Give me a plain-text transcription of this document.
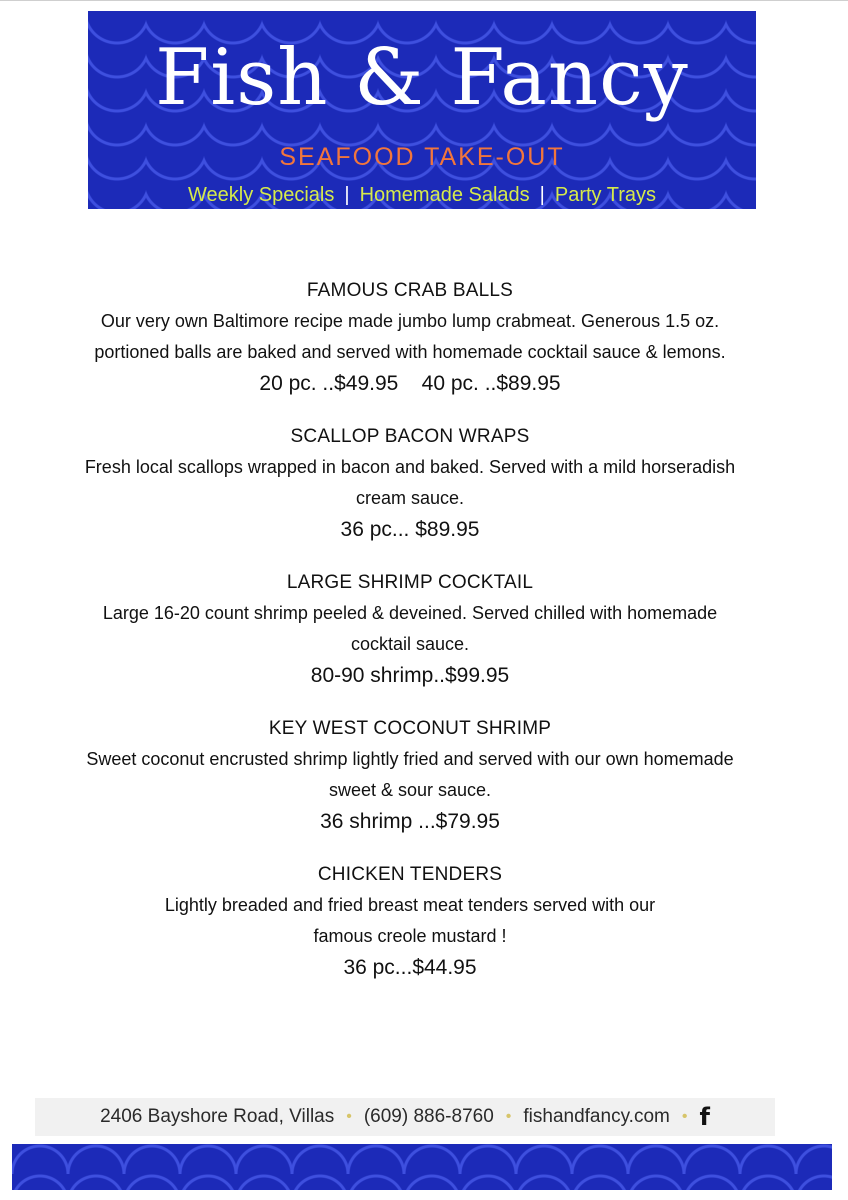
Fish & Fancy
SEAFOOD TAKE-OUT
Weekly Specials | Homemade Salads | Party Trays
FAMOUS CRAB BALLS
Our very own Baltimore recipe made jumbo lump crabmeat. Generous 1.5 oz.
portioned balls are baked and served with homemade cocktail sauce & lemons.
20 pc. ..$49.95    40 pc. ..$89.95
SCALLOP BACON WRAPS
Fresh local scallops wrapped in bacon and baked. Served with a mild horseradish
cream sauce.
36 pc... $89.95
LARGE SHRIMP COCKTAIL
Large 16-20 count shrimp peeled & deveined. Served chilled with homemade
cocktail sauce.
80-90 shrimp..$99.95
KEY WEST COCONUT SHRIMP
Sweet coconut encrusted shrimp lightly fried and served with our own homemade
sweet & sour sauce.
36 shrimp ...$79.95
CHICKEN TENDERS
Lightly breaded and fried breast meat tenders served with our
famous creole mustard !
36 pc...$44.95
2406 Bayshore Road, Villas • (609) 886-8760 • fishandfancy.com • f
